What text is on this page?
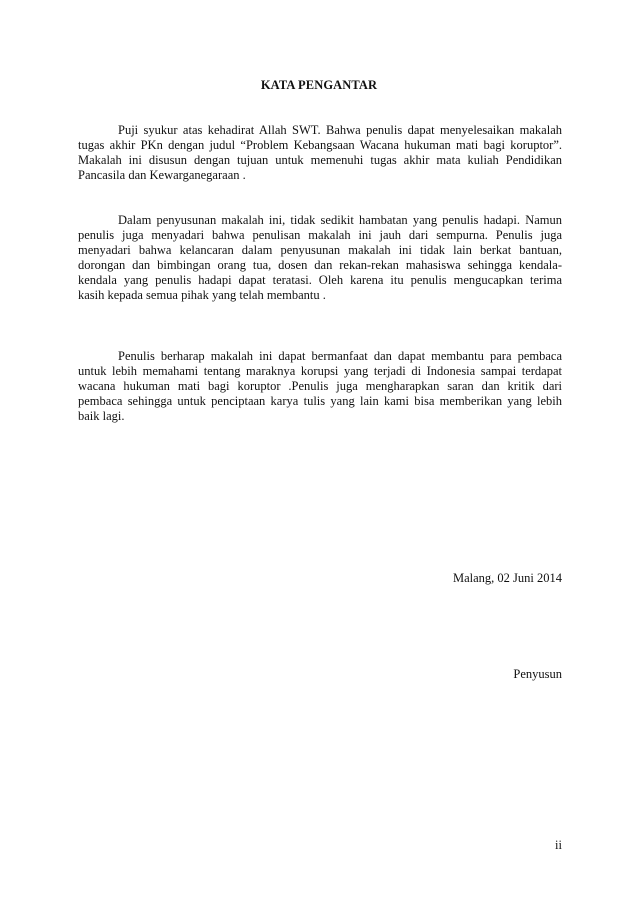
KATA PENGANTAR
Puji syukur atas kehadirat Allah SWT. Bahwa penulis dapat menyelesaikan makalah
tugas akhir PKn dengan judul “Problem Kebangsaan Wacana hukuman mati bagi koruptor”.
Makalah ini disusun dengan tujuan untuk memenuhi tugas akhir mata kuliah Pendidikan
Pancasila dan Kewarganegaraan .
Dalam penyusunan makalah ini, tidak sedikit hambatan yang penulis hadapi. Namun
penulis juga menyadari bahwa penulisan makalah ini jauh dari sempurna. Penulis juga
menyadari bahwa kelancaran dalam penyusunan makalah ini tidak lain berkat bantuan,
dorongan dan bimbingan orang tua, dosen dan rekan-rekan mahasiswa sehingga kendala-
kendala yang penulis hadapi dapat teratasi. Oleh karena itu penulis mengucapkan terima
kasih kepada semua pihak yang telah membantu .
Penulis berharap makalah ini dapat bermanfaat dan dapat membantu para pembaca
untuk lebih memahami tentang maraknya korupsi yang terjadi di Indonesia sampai terdapat
wacana hukuman mati bagi koruptor .Penulis juga mengharapkan saran dan kritik dari
pembaca sehingga untuk penciptaan karya tulis yang lain kami bisa memberikan yang lebih
baik lagi.
Malang, 02 Juni 2014
Penyusun
ii
